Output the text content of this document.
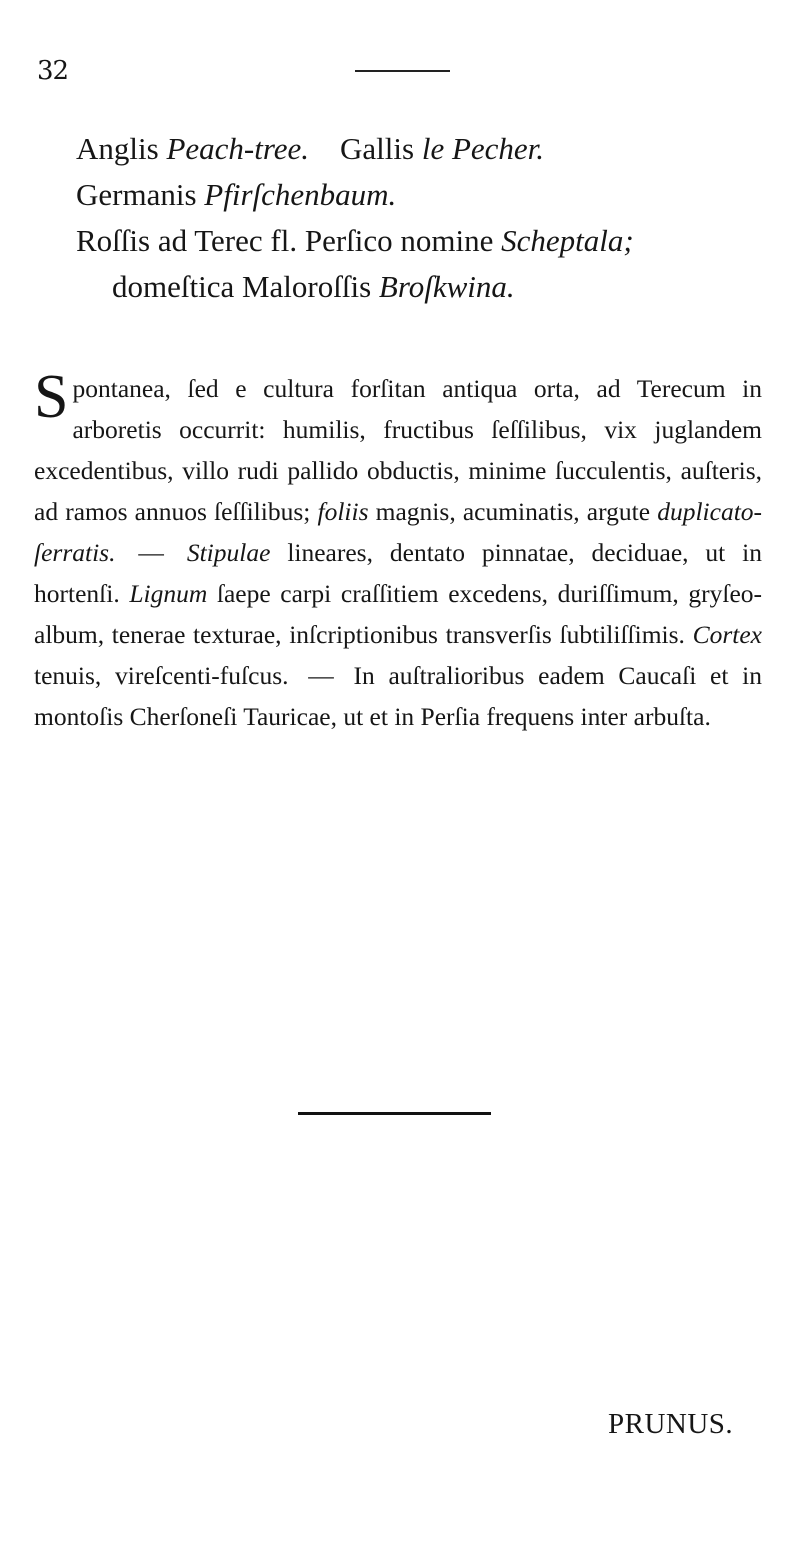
32
Anglis Peach-tree. Gallis le Pecher.
Germanis Pfirſchenbaum.
Roſſis ad Terec fl. Perſico nomine Scheptala;
domeſtica Maloroſſis Broſkwina.
Spontanea, ſed e cultura forſitan antiqua orta, ad Terecum in arboretis occurrit: humilis, fructibus ſeſſilibus, vix juglandem excedentibus, villo rudi pallido obductis, minime ſucculentis, auſteris, ad ramos annuos ſeſſilibus; foliis magnis, acuminatis, argute duplicato-ſerratis. — Stipulae lineares, dentato pinnatae, deciduae, ut in hortenſi. Lignum ſaepe carpi craſſitiem excedens, duriſſimum, gryſeo-album, tenerae texturae, inſcriptionibus transverſis ſubtiliſſimis. Cortex tenuis, vireſcenti-fuſcus. — In auſtralioribus eadem Caucaſi et in montoſis Cherſoneſi Tauricae, ut et in Perſia frequens inter arbuſta.
PRUNUS.
